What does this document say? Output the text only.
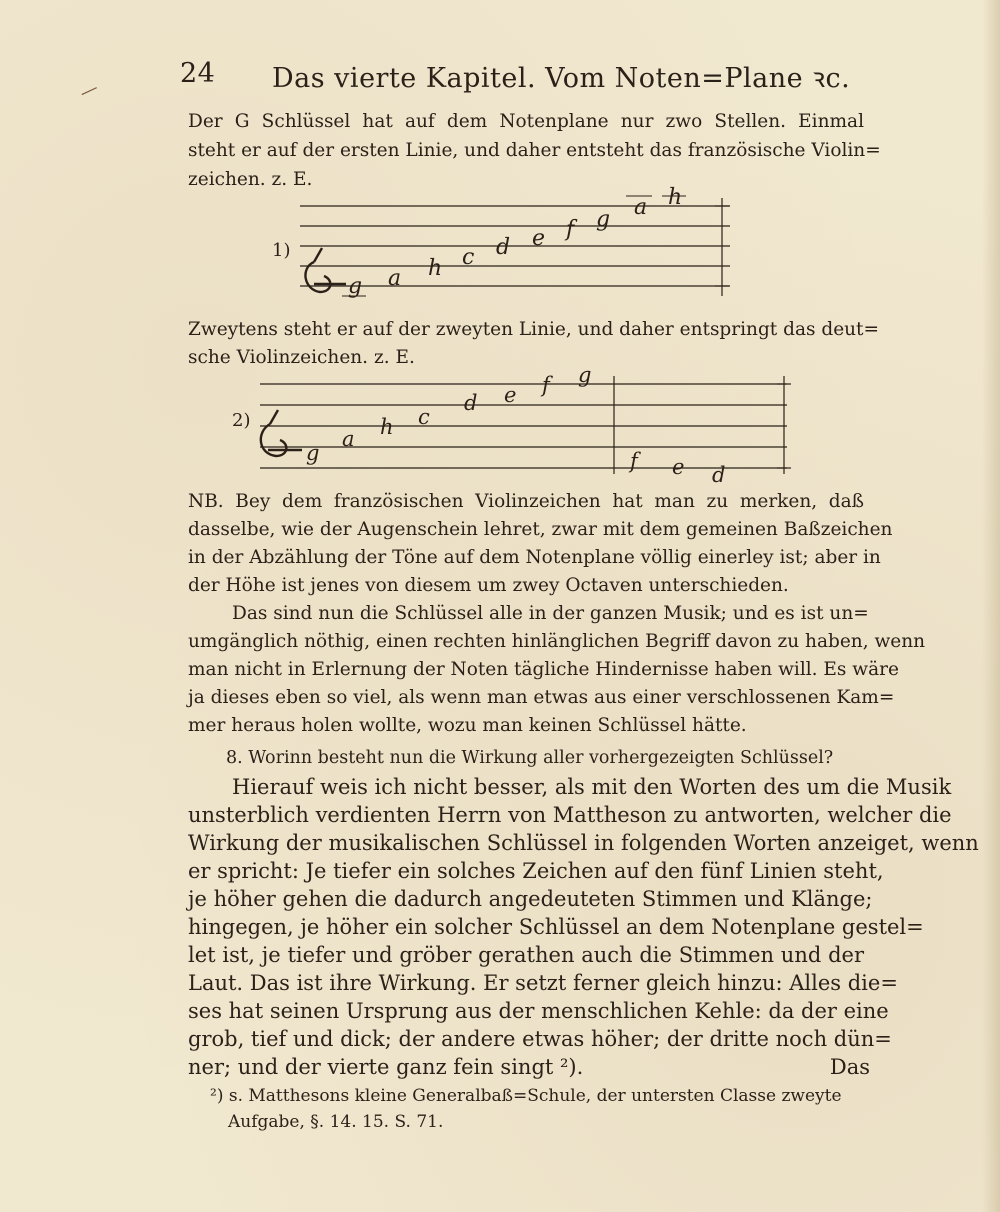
24 Das vierte Kapitel. Vom Noten=Plane ꝛc.
Der G Schlüssel hat auf dem Notenplane nur zwo Stellen. Einmal
steht er auf der ersten Linie, und daher entsteht das französische Violin=
zeichen. z. E.
g a h c d e f g a h
1)
Zweytens steht er auf der zweyten Linie, und daher entspringt das deut=
sche Violinzeichen. z. E.
g
a h c
d e f g
f e d
2)
NB. Bey dem französischen Violinzeichen hat man zu merken, daß
dasselbe, wie der Augenschein lehret, zwar mit dem gemeinen Baßzeichen
in der Abzählung der Töne auf dem Notenplane völlig einerley ist; aber in
der Höhe ist jenes von diesem um zwey Octaven unterschieden.
Das sind nun die Schlüssel alle in der ganzen Musik; und es ist un=
umgänglich nöthig, einen rechten hinlänglichen Begriff davon zu haben, wenn
man nicht in Erlernung der Noten tägliche Hindernisse haben will. Es wäre
ja dieses eben so viel, als wenn man etwas aus einer verschlossenen Kam=
mer heraus holen wollte, wozu man keinen Schlüssel hätte.
8. Worinn besteht nun die Wirkung aller vorhergezeigten Schlüssel?
Hierauf weis ich nicht besser, als mit den Worten des um die Musik
unsterblich verdienten Herrn von Mattheson zu antworten, welcher die
Wirkung der musikalischen Schlüssel in folgenden Worten anzeiget, wenn
er spricht: Je tiefer ein solches Zeichen auf den fünf Linien steht,
je höher gehen die dadurch angedeuteten Stimmen und Klänge;
hingegen, je höher ein solcher Schlüssel an dem Notenplane gestel=
let ist, je tiefer und gröber gerathen auch die Stimmen und der
Laut. Das ist ihre Wirkung. Er setzt ferner gleich hinzu: Alles die=
ses hat seinen Ursprung aus der menschlichen Kehle: da der eine
grob, tief und dick; der andere etwas höher; der dritte noch dün=
ner; und der vierte ganz fein singt ²).	Das
²) s. Matthesons kleine Generalbaß=Schule, der untersten Classe zweyte
Aufgabe, §. 14. 15. S. 71.
—
